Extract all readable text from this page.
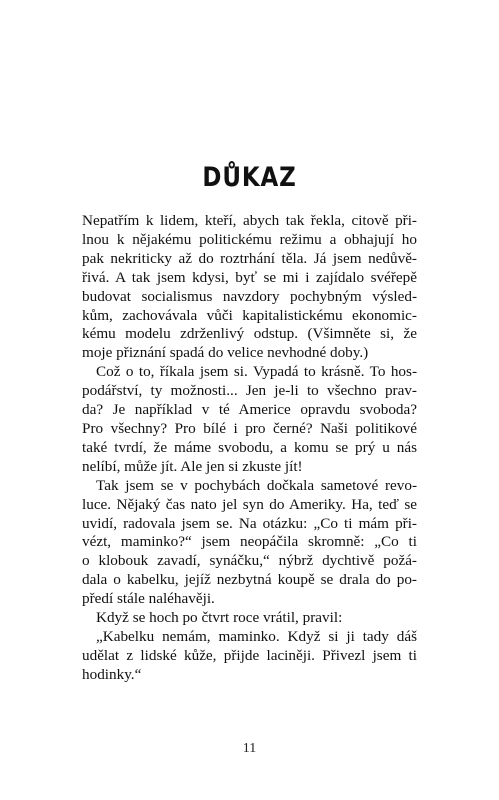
DŮKAZ
Nepatřím k lidem, kteří, abych tak řekla, citově při-
lnou k nějakému politickému režimu a obhajují ho
pak nekriticky až do roztrhání těla. Já jsem nedůvě-
řivá. A tak jsem kdysi, byť se mi i zajídalo svéřepě
budovat socialismus navzdory pochybným výsled-
kům, zachovávala vůči kapitalistickému ekonomic-
kému modelu zdrženlivý odstup. (Všimněte si, že
moje přiznání spadá do velice nevhodné doby.)
Což o to, říkala jsem si. Vypadá to krásně. To hos-
podářství, ty možnosti... Jen je-li to všechno prav-
da? Je například v té Americe opravdu svoboda?
Pro všechny? Pro bílé i pro černé? Naši politikové
také tvrdí, že máme svobodu, a komu se prý u nás
nelíbí, může jít. Ale jen si zkuste jít!
Tak jsem se v pochybách dočkala sametové revo-
luce. Nějaký čas nato jel syn do Ameriky. Ha, teď se
uvidí, radovala jsem se. Na otázku: „Co ti mám při-
vézt, maminko?“ jsem neopáčila skromně: „Co ti
o klobouk zavadí, synáčku,“ nýbrž dychtivě požá-
dala o kabelku, jejíž nezbytná koupě se drala do po-
předí stále naléhavěji.
Když se hoch po čtvrt roce vrátil, pravil:
„Kabelku nemám, maminko. Když si ji tady dáš
udělat z lidské kůže, přijde laciněji. Přivezl jsem ti
hodinky.“
11
